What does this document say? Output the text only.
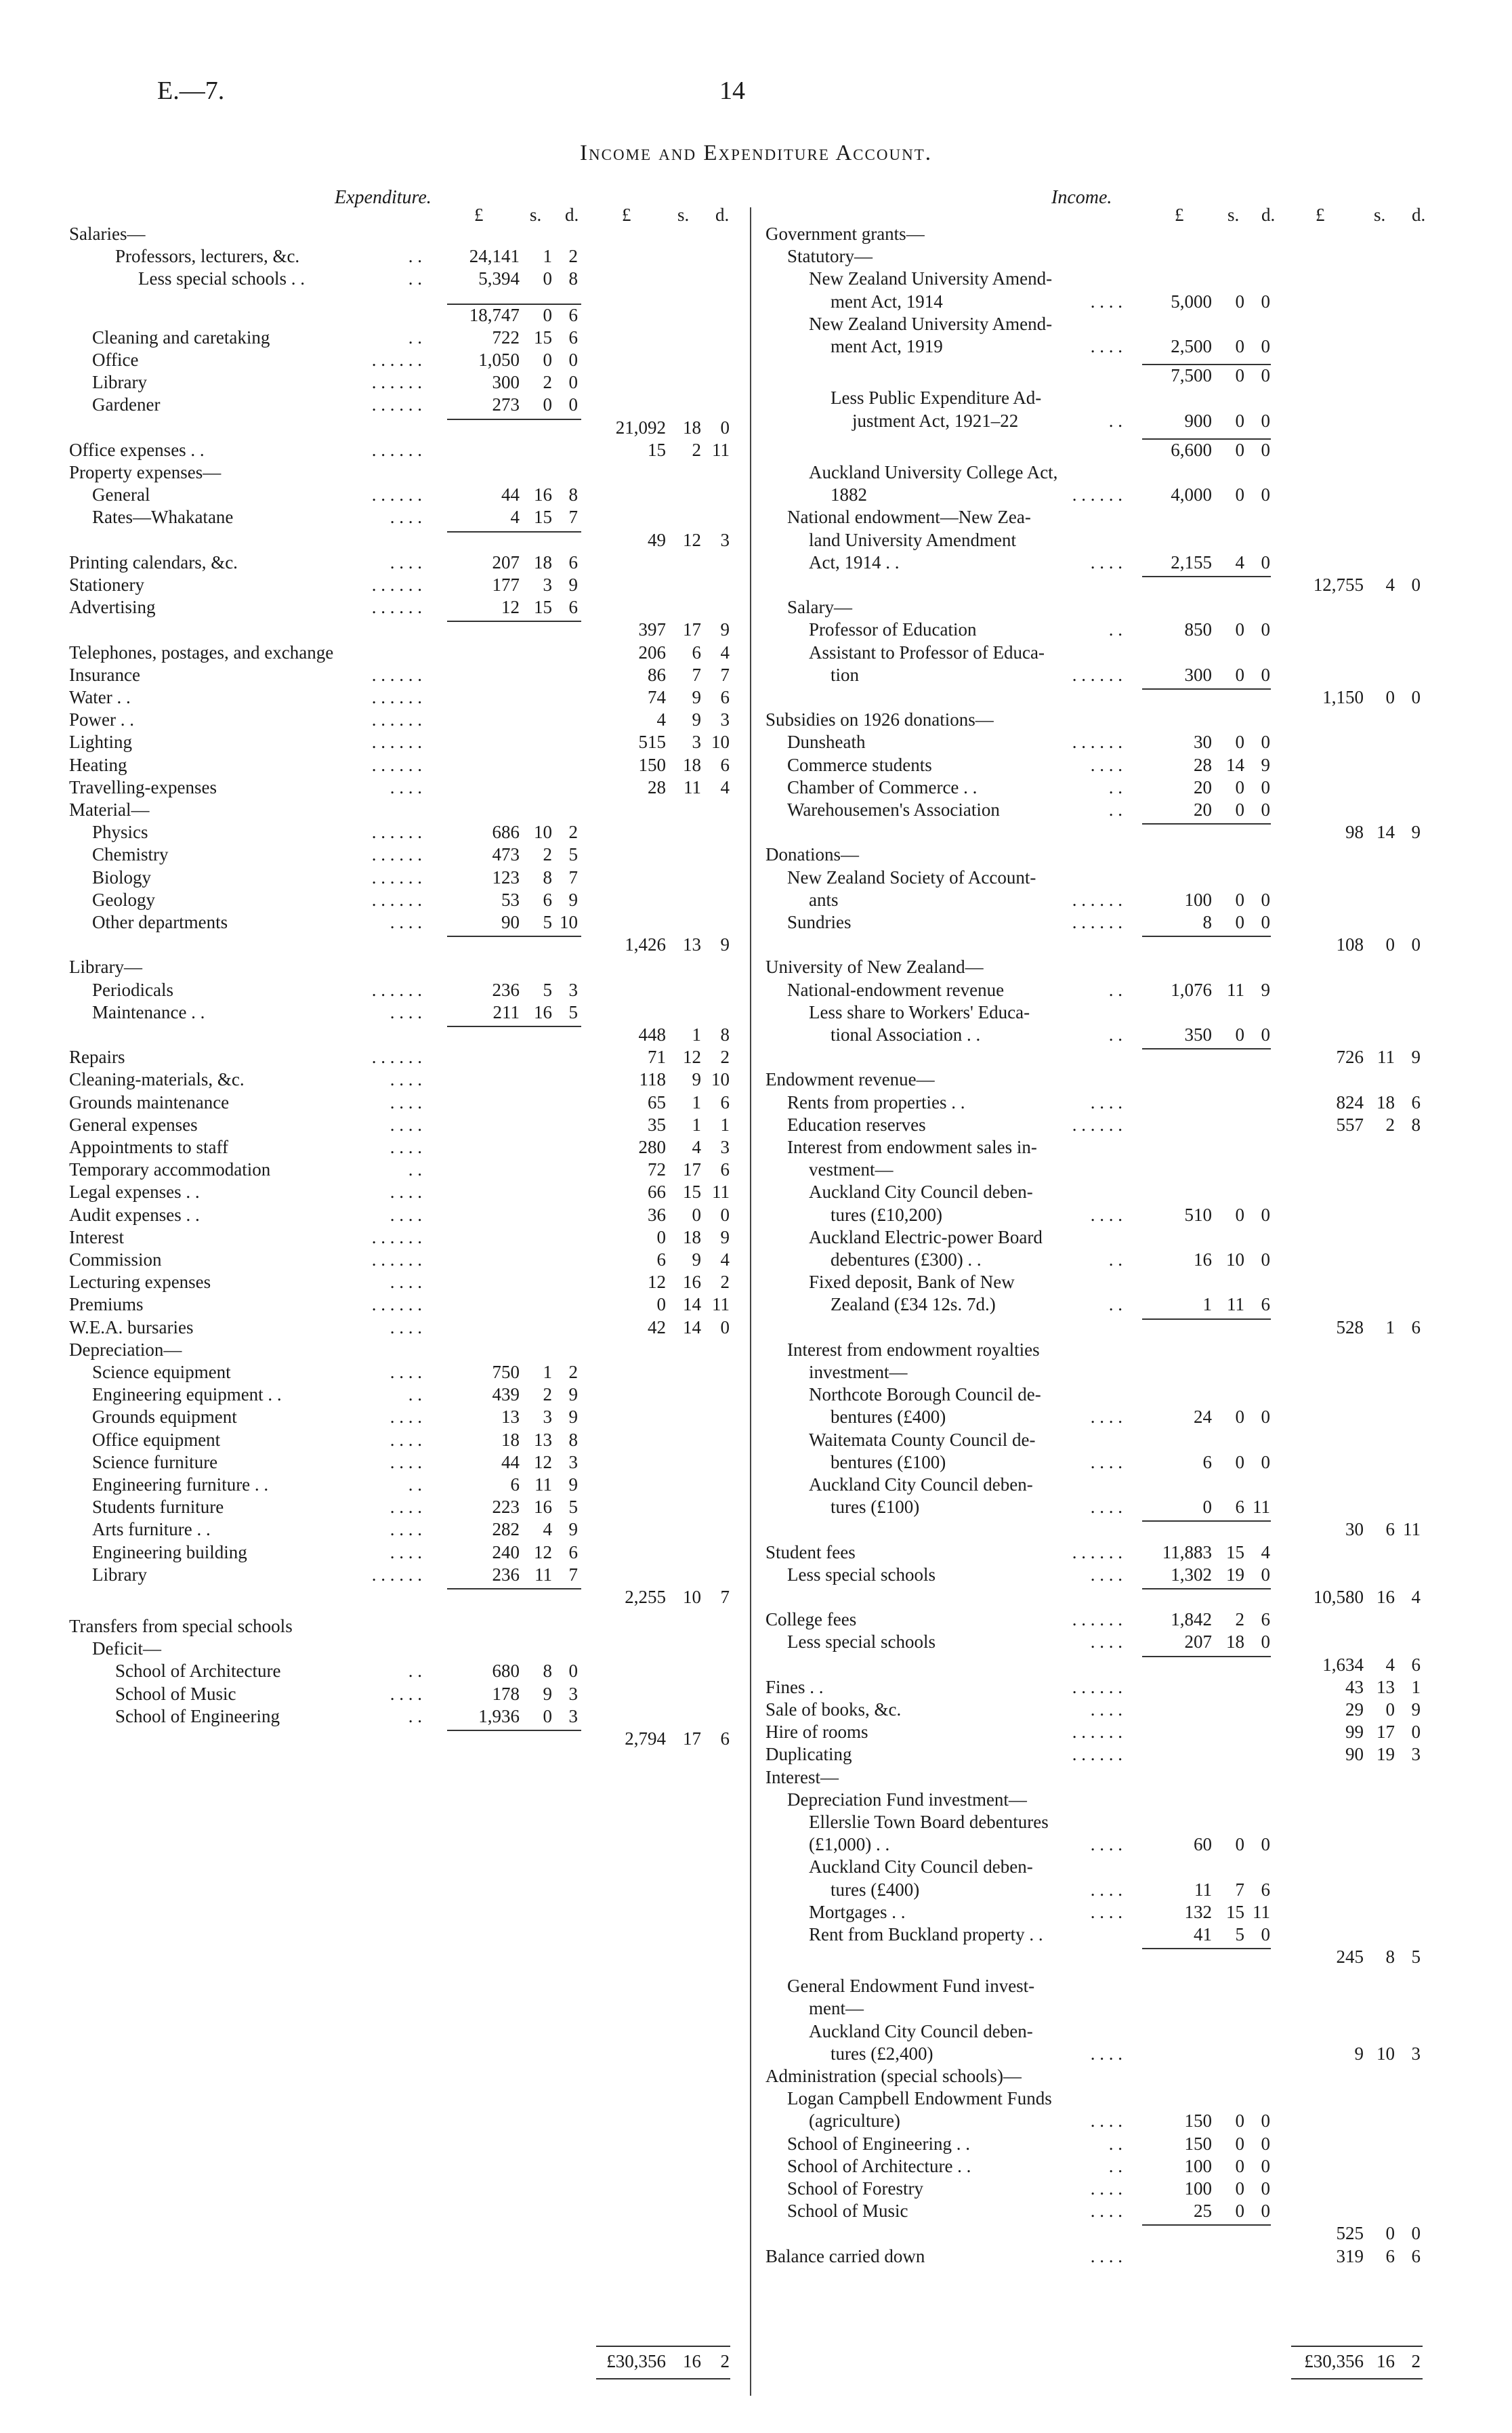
E.—7.	14
Income and Expenditure Account.
Expenditure.
£	s. d. £	s. d.
Salaries—
Professors, lecturers, &c.	. .	24,141 1 2
Less special schools . .	. .	5,394 0 8
18,747 0 6
Cleaning and caretaking	. .	722 15 6
Office	. . . . . .	1,050 0 0
Library	. . . . . .	300 2 0
Gardener	. . . . . .	273 0 0
21,092 18 0
Office expenses . .	. . . . . .	15 2 11
Property expenses—
General	. . . . . .	44 16 8
Rates—Whakatane	. . . .	4 15 7
49 12 3
Printing calendars, &c.	. . . .	207 18 6
Stationery	. . . . . .	177 3 9
Advertising	. . . . . .	12 15 6
397 17 9
Telephones, postages, and exchange	206 6 4
Insurance	. . . . . .	86 7 7
Water . .	. . . . . .	74 9 6
Power . .	. . . . . .	4 9 3
Lighting	. . . . . .	515 3 10
Heating	. . . . . .	150 18 6
Travelling-expenses	. . . .	28 11 4
Material—
Physics	. . . . . .	686 10 2
Chemistry	. . . . . .	473 2 5
Biology	. . . . . .	123 8 7
Geology	. . . . . .	53 6 9
Other departments	. . . .	90 5 10
1,426 13 9
Library—
Periodicals	. . . . . .	236 5 3
Maintenance . .	. . . .	211 16 5
448 1 8
Repairs	. . . . . .	71 12 2
Cleaning-materials, &c.	. . . .	118 9 10
Grounds maintenance	. . . .	65 1 6
General expenses	. . . .	35 1 1
Appointments to staff	. . . .	280 4 3
Temporary accommodation	. .	72 17 6
Legal expenses . .	. . . .	66 15 11
Audit expenses . .	. . . .	36 0 0
Interest	. . . . . .	0 18 9
Commission	. . . . . .	6 9 4
Lecturing expenses	. . . .	12 16 2
Premiums	. . . . . .	0 14 11
W.E.A. bursaries	. . . .	42 14 0
Depreciation—
Science equipment	. . . .	750 1 2
Engineering equipment . .	. .	439 2 9
Grounds equipment	. . . .	13 3 9
Office equipment	. . . .	18 13 8
Science furniture	. . . .	44 12 3
Engineering furniture . .	. .	6 11 9
Students furniture	. . . .	223 16 5
Arts furniture . .	. . . .	282 4 9
Engineering building	. . . .	240 12 6
Library	. . . . . .	236 11 7
2,255 10 7
Transfers from special schools
Deficit—
School of Architecture	. .	680 8 0
School of Music	. . . .	178 9 3
School of Engineering	. .	1,936 0 3
2,794 17 6
£30,356 16 2
Income.
£ s. d. £	s. d.
Government grants—
Statutory—
New Zealand University Amend-
ment Act, 1914	. . . .	5,000 0 0
New Zealand University Amend-
ment Act, 1919	. . . .	2,500 0 0
7,500 0 0
Less Public Expenditure Ad-
justment Act, 1921–22	. .	900 0 0
6,600 0 0
Auckland University College Act,
1882	. . . . . .	4,000 0 0
National endowment—New Zea-
land University Amendment
Act, 1914 . .	. . . .	2,155 4 0
12,755 4 0
Salary—
Professor of Education	. .	850 0 0
Assistant to Professor of Educa-
tion	. . . . . .	300 0 0
1,150 0 0
Subsidies on 1926 donations—
Dunsheath	. . . . . .	30 0 0
Commerce students	. . . .	28 14 9
Chamber of Commerce . .	. .	20 0 0
Warehousemen's Association	. .	20 0 0
98 14 9
Donations—
New Zealand Society of Account-
ants	. . . . . .	100 0 0
Sundries	. . . . . .	8 0 0
108 0 0
University of New Zealand—
National-endowment revenue	. .	1,076 11 9
Less share to Workers' Educa-
tional Association . .	. .	350 0 0
726 11 9
Endowment revenue—
Rents from properties . .	. . . .	824 18 6
Education reserves	. . . . . .	557 2 8
Interest from endowment sales in-
vestment—
Auckland City Council deben-
tures (£10,200)	. . . .	510 0 0
Auckland Electric-power Board
debentures (£300) . .	. .	16 10 0
Fixed deposit, Bank of New
Zealand (£34 12s. 7d.)	. .	1 11 6
528 1 6
Interest from endowment royalties
investment—
Northcote Borough Council de-
bentures (£400)	. . . .	24 0 0
Waitemata County Council de-
bentures (£100)	. . . .	6 0 0
Auckland City Council deben-
tures (£100)	. . . .	0 6 11
30 6 11
Student fees	. . . . . . 11,883 15 4
Less special schools	. . . .	1,302 19 0
10,580 16 4
College fees	. . . . . .	1,842 2 6
Less special schools	. . . .	207 18 0
1,634 4 6
Fines . .	. . . . . .	43 13 1
Sale of books, &c.	. . . .	29 0 9
Hire of rooms	. . . . . .	99 17 0
Duplicating	. . . . . .	90 19 3
Interest—
Depreciation Fund investment—
Ellerslie Town Board debentures
(£1,000) . .	. . . .	60 0 0
Auckland City Council deben-
tures (£400)	. . . .	11 7 6
Mortgages . .	. . . .	132 15 11
Rent from Buckland property . .	41 5 0
245 8 5
General Endowment Fund invest-
ment—
Auckland City Council deben-
tures (£2,400)	. . . .	9 10 3
Administration (special schools)—
Logan Campbell Endowment Funds
(agriculture)	. . . .	150 0 0
School of Engineering . .	. .	150 0 0
School of Architecture . .	. .	100 0 0
School of Forestry	. . . .	100 0 0
School of Music	. . . .	25 0 0
525 0 0
Balance carried down	. . . .	319 6 6
£30,356 16 2
